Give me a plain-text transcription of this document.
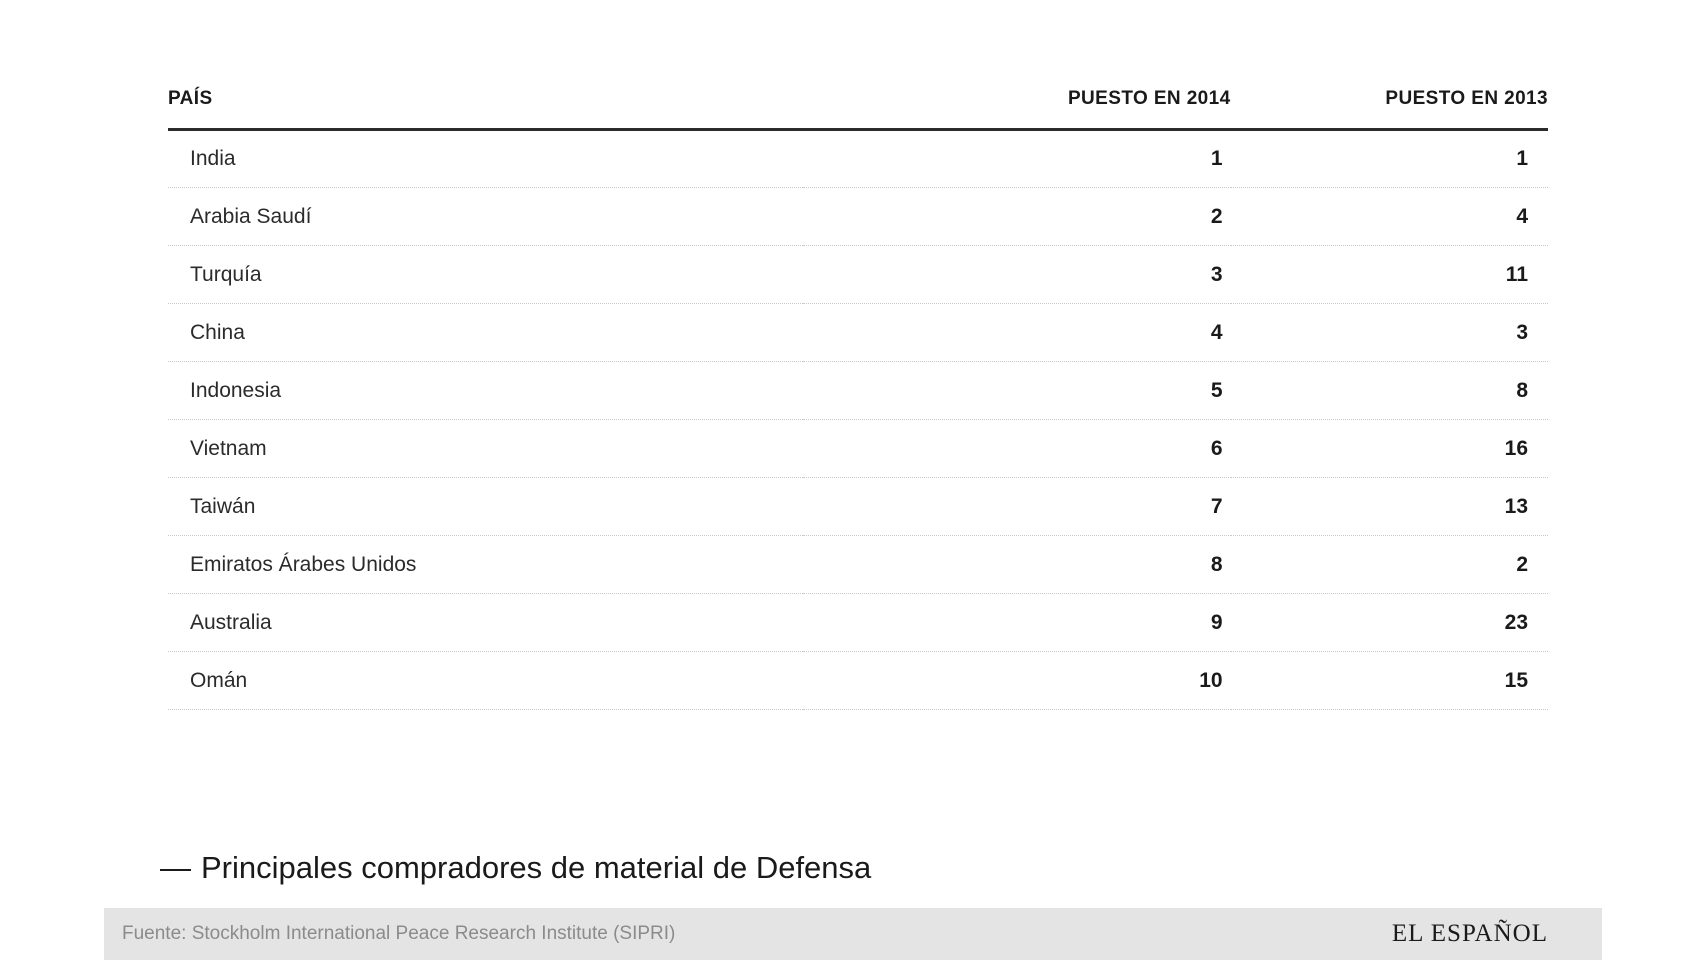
PAÍS	PUESTO EN 2014	PUESTO EN 2013
India	1	1
Arabia Saudí	2	4
Turquía	3	11
China	4	3
Indonesia	5	8
Vietnam	6	16
Taiwán	7	13
Emiratos Árabes Unidos	8	2
Australia	9	23
Omán	10	15
— Principales compradores de material de Defensa
Fuente: Stockholm International Peace Research Institute (SIPRI)	EL ESPAÑOL
